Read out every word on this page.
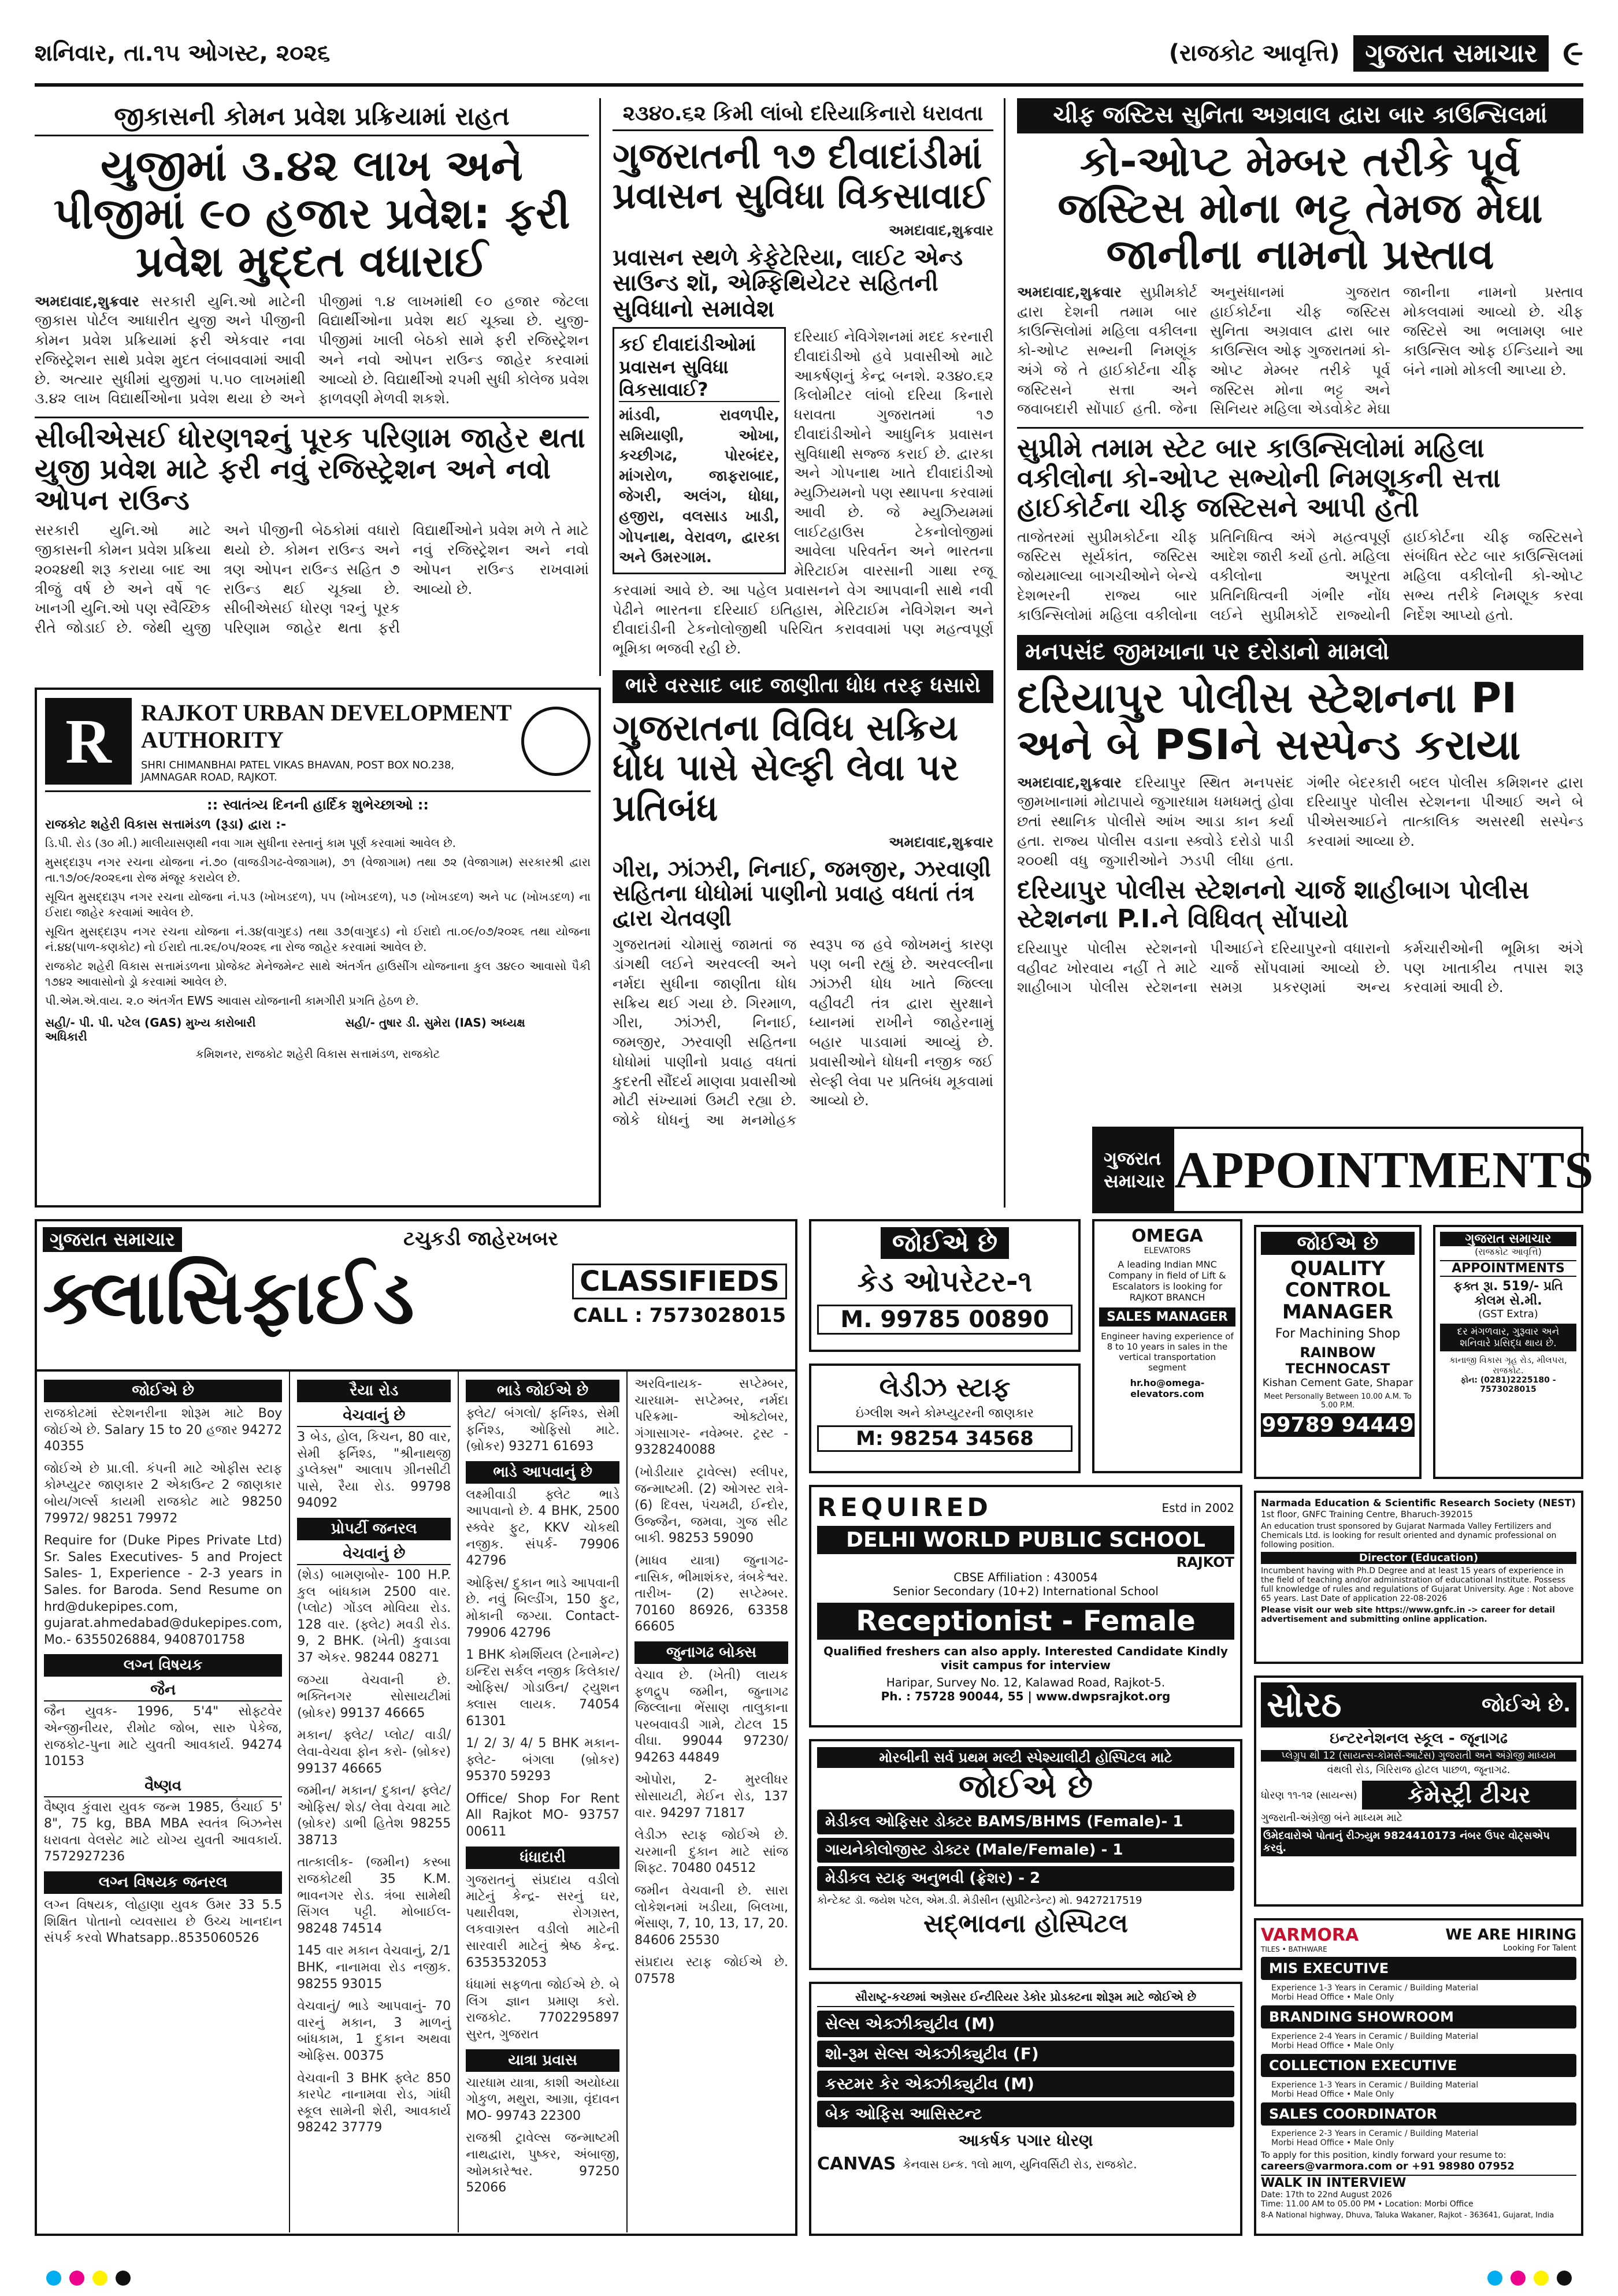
શનિવાર, તા.૧૫ ઓગસ્ટ, ૨૦૨૬	(રાજકોટ આવૃત્તિ)	ગુજરાત સમાચાર ૯
જીકાસની કોમન પ્રવેશ પ્રક્રિયામાં રાહત
યુજીમાં ૩.૪૨ લાખ અને પીજીમાં ૯૦ હજાર પ્રવેશ: ફરી પ્રવેશ મુદ્દત વધારાઈ
અમદાવાદ,શુક્રવાર સરકારી યુનિ.ઓ માટેની જીકાસ પોર્ટલ આધારીત યુજી અને પીજીની કોમન પ્રવેશ પ્રક્રિયામાં ફરી એકવાર નવા રજિસ્ટ્રેશન સાથે પ્રવેશ મુદત લંબાવવામાં આવી છે. અત્યાર સુધીમાં યુજીમાં ૫.૫૦ લાખમાંથી ૩.૪૨ લાખ વિદ્યાર્થીઓના પ્રવેશ થયા છે અને પીજીમાં ૧.૪ લાખમાંથી ૯૦ હજાર જેટલા વિદ્યાર્થીઓના પ્રવેશ થઈ ચૂક્યા છે. યુજી-પીજીમાં ખાલી બેઠકો સામે ફરી રજિસ્ટ્રેશન અને નવો ઓપન રાઉન્ડ જાહેર કરવામાં આવ્યો છે. વિદ્યાર્થીઓ ૨૫મી સુધી કોલેજ પ્રવેશ ફાળવણી મેળવી શકશે.
સીબીએસઈ ધોરણ૧૨નું પૂરક પરિણામ જાહેર થતા યુજી પ્રવેશ માટે ફરી નવું રજિસ્ટ્રેશન અને નવો ઓપન રાઉન્ડ
સરકારી યુનિ.ઓ માટે જીકાસની કોમન પ્રવેશ પ્રક્રિયા ૨૦૨૪થી શરૂ કરાયા બાદ આ ત્રીજું વર્ષ છે અને વર્ષે ૧૯ ખાનગી યુનિ.ઓ પણ સ્વૈચ્છિક રીતે જોડાઈ છે. જેથી યુજી અને પીજીની બેઠકોમાં વધારો થયો છે. કોમન રાઉન્ડ અને ત્રણ ઓપન રાઉન્ડ સહિત ૭ રાઉન્ડ થઈ ચૂક્યા છે. સીબીએસઈ ધોરણ ૧૨નું પૂરક પરિણામ જાહેર થતા ફરી વિદ્યાર્થીઓને પ્રવેશ મળે તે માટે નવું રજિસ્ટ્રેશન અને નવો ઓપન રાઉન્ડ રાખવામાં આવ્યો છે.
૨૩૪૦.૬૨ કિમી લાંબો દરિયાકિનારો ધરાવતા
ગુજરાતની ૧૭ દીવાદાંડીમાં પ્રવાસન સુવિધા વિકસાવાઈ
અમદાવાદ,શુક્રવાર
પ્રવાસન સ્થળે કેફેટેરિયા, લાઈટ એન્ડ સાઉન્ડ શૉ, એમ્ફિથિયેટર સહિતની સુવિધાનો સમાવેશ
કઈ દીવાદાંડીઓમાં પ્રવાસન સુવિધા વિકસાવાઈ?
માંડવી, રાવળપીર, સમિયાણી, ઓખા, કચ્છીગઢ, પોરબંદર, માંગરોળ, જાફરાબાદ, જેગરી, અલંગ, ધોધા, હજીરા, વલસાડ ખાડી, ગોપનાથ, વેરાવળ, દ્વારકા અને ઉમરગામ.
દરિયાઈ નેવિગેશનમાં મદદ કરનારી દીવાદાંડીઓ હવે પ્રવાસીઓ માટે આકર્ષણનું કેન્દ્ર બનશે. ૨૩૪૦.૬૨ કિલોમીટર લાંબો દરિયા કિનારો ધરાવતા ગુજરાતમાં ૧૭ દીવાદાંડીઓને આધુનિક પ્રવાસન સુવિધાથી સજ્જ કરાઈ છે. દ્વારકા અને ગોપનાથ ખાતે દીવાદાંડીઓ મ્યુઝિયમનો પણ સ્થાપના કરવામાં આવી છે. જે મ્યુઝિયમમાં લાઈટહાઉસ ટેકનોલોજીમાં આવેલા પરિવર્તન અને ભારતના મેરિટાઈમ વારસાની ગાથા રજૂ કરવામાં આવે છે. આ પહેલ પ્રવાસનને વેગ આપવાની સાથે નવી પેઢીને ભારતના દરિયાઈ ઇતિહાસ, મેરિટાઈમ નેવિગેશન અને દીવાદાંડીની ટેકનોલોજીથી પરિચિત કરાવવામાં પણ મહત્વપૂર્ણ ભૂમિકા ભજવી રહી છે.
ભારે વરસાદ બાદ જાણીતા ધોધ તરફ ધસારો
ગુજરાતના વિવિધ સક્રિય ધોધ પાસે સેલ્ફી લેવા પર પ્રતિબંધ
અમદાવાદ,શુક્રવાર
ગીરા, ઝાંઝરી, નિનાઈ, જમજીર, ઝરવાણી સહિતના ધોધોમાં પાણીનો પ્રવાહ વધતાં તંત્ર દ્વારા ચેતવણી
ગુજરાતમાં ચોમાસું જામતાં જ ડાંગથી લઈને અરવલ્લી અને નર્મદા સુધીના જાણીતા ધોધ સક્રિય થઈ ગયા છે. ગિરમાળ, ગીરા, ઝાંઝરી, નિનાઈ, જમજીર, ઝરવાણી સહિતના ધોધોમાં પાણીનો પ્રવાહ વધતાં કુદરતી સૌંદર્ય માણવા પ્રવાસીઓ મોટી સંખ્યામાં ઉમટી રહ્યા છે. જોકે ધોધનું આ મનમોહક સ્વરૂપ જ હવે જોખમનું કારણ પણ બની રહ્યું છે. અરવલ્લીના ઝાંઝરી ધોધ ખાતે જિલ્લા વહીવટી તંત્ર દ્વારા સુરક્ષાને ધ્યાનમાં રાખીને જાહેરનામું બહાર પાડવામાં આવ્યું છે. પ્રવાસીઓને ધોધની નજીક જઈ સેલ્ફી લેવા પર પ્રતિબંધ મૂકવામાં આવ્યો છે.
ચીફ જસ્ટિસ સુનિતા અગ્રવાલ દ્વારા બાર કાઉન્સિલમાં
કો-ઓપ્ટ મેમ્બર તરીકે પૂર્વ જસ્ટિસ મોના ભટ્ટ તેમજ મેઘા જાનીના નામનો પ્રસ્તાવ
અમદાવાદ,શુક્રવાર સુપ્રીમકોર્ટ દ્વારા દેશની તમામ બાર કાઉન્સિલોમાં મહિલા વકીલના કો-ઓપ્ટ સભ્યની નિમણૂંક અંગે જે તે હાઈકોર્ટના ચીફ જસ્ટિસને સત્તા અને જવાબદારી સોંપાઈ હતી. જેના અનુસંધાનમાં ગુજરાત હાઈકોર્ટના ચીફ જસ્ટિસ સુનિતા અગ્રવાલ દ્વારા બાર કાઉન્સિલ ઓફ ગુજરાતમાં કો-ઓપ્ટ મેમ્બર તરીકે પૂર્વ જસ્ટિસ મોના ભટ્ટ અને સિનિયર મહિલા એડવોકેટ મેઘા જાનીના નામનો પ્રસ્તાવ મોકલવામાં આવ્યો છે. ચીફ જસ્ટિસે આ ભલામણ બાર કાઉન્સિલ ઓફ ઈન્ડિયાને આ બંને નામો મોકલી આપ્યા છે.
સુપ્રીમે તમામ સ્ટેટ બાર કાઉન્સિલોમાં મહિલા વકીલોના કો-ઓપ્ટ સભ્યોની નિમણૂકની સત્તા હાઈકોર્ટના ચીફ જસ્ટિસને આપી હતી
તાજેતરમાં સુપ્રીમકોર્ટના ચીફ જસ્ટિસ સૂર્યકાંત, જસ્ટિસ જોયમાલ્યા બાગચીઓને બેન્ચે દેશભરની રાજ્ય બાર કાઉન્સિલોમાં મહિલા વકીલોના પ્રતિનિધિત્વ અંગે મહત્વપૂર્ણ આદેશ જારી કર્યો હતો. મહિલા વકીલોના અપૂરતા પ્રતિનિધિત્વની ગંભીર નોંધ લઈને સુપ્રીમકોર્ટે રાજ્યોની હાઈકોર્ટના ચીફ જસ્ટિસને સંબંધિત સ્ટેટ બાર કાઉન્સિલમાં મહિલા વકીલોની કો-ઓપ્ટ સભ્ય તરીકે નિમણૂક કરવા નિર્દેશ આપ્યો હતો.
મનપસંદ જીમખાના પર દરોડાનો મામલો
દરિયાપુર પોલીસ સ્ટેશનના PI અને બે PSIને સસ્પેન્ડ કરાયા
અમદાવાદ,શુક્રવાર દરિયાપુર સ્થિત મનપસંદ જીમખાનામાં મોટાપાયે જુગારધામ ધમધમતું હોવા છતાં સ્થાનિક પોલીસે આંખ આડા કાન કર્યા હતા. રાજ્ય પોલીસ વડાના સ્ક્વોડે દરોડો પાડી ૨૦૦થી વધુ જુગારીઓને ઝડપી લીધા હતા. ગંભીર બેદરકારી બદલ પોલીસ કમિશનર દ્વારા દરિયાપુર પોલીસ સ્ટેશનના પીઆઈ અને બે પીએસઆઈને તાત્કાલિક અસરથી સસ્પેન્ડ કરવામાં આવ્યા છે.
દરિયાપુર પોલીસ સ્ટેશનનો ચાર્જ શાહીબાગ પોલીસ સ્ટેશનના P.I.ને વિધિવત્ સોંપાયો
દરિયાપુર પોલીસ સ્ટેશનનો વહીવટ ખોરવાય નહીં તે માટે શાહીબાગ પોલીસ સ્ટેશનના પીઆઈને દરિયાપુરનો વધારાનો ચાર્જ સોંપવામાં આવ્યો છે. સમગ્ર પ્રકરણમાં અન્ય કર્મચારીઓની ભૂમિકા અંગે પણ ખાતાકીય તપાસ શરૂ કરવામાં આવી છે.
R	RAJKOT URBAN DEVELOPMENT AUTHORITY
SHRI CHIMANBHAI PATEL VIKAS BHAVAN, POST BOX NO.238, JAMNAGAR ROAD, RAJKOT.
:: સ્વાતંત્ર્ય દિનની હાર્દિક શુભેચ્છાઓ ::
રાજકોટ શહેરી વિકાસ સત્તામંડળ (રૂડા) દ્વારા :-
ડિ.પી. રોડ (૩૦ મી.) માલીયાસણથી નવા ગામ સુધીના રસ્તાનું કામ પૂર્ણ કરવામાં આવેલ છે.
મુસદ્દારૂપ નગર રચના યોજના નં.૭૦ (વાજડીગઢ-વેજાગામ), ૭૧ (વેજાગામ) તથા ૭૨ (વેજાગામ) સરકારશ્રી દ્વારા તા.૧૭/૦૯/૨૦૨૬ના રોજ મંજૂર કરાયેલ છે.
સૂચિત મુસદ્દારૂપ નગર રચના યોજના નં.૫૩ (ખોખડદળ), ૫૫ (ખોખડદળ), ૫૭ (ખોખડદળ) અને ૫૮ (ખોખડદળ) ના ઈરાદા જાહેર કરવામાં આવેલ છે.
સૂચિત મુસદ્દારૂપ નગર રચના યોજના નં.૩૪(વાગુદડ) તથા ૩૭(વાગુદડ) નો ઈરાદો તા.૦૯/૦૭/૨૦૨૬ તથા યોજના નં.૪૪(પાળ-કણકોટ) નો ઈરાદો તા.૨૬/૦૫/૨૦૨૬ ના રોજ જાહેર કરવામાં આવેલ છે.
રાજકોટ શહેરી વિકાસ સત્તામંડળના પ્રોજેક્ટ મેનેજમેન્ટ સાથે અંતર્ગત હાઉસીંગ યોજનાના કુલ ૩૪૯૦ આવાસો પૈકી ૧૭૪૨ આવાસોનો ડ્રો કરવામાં આવેલ છે.
પી.એમ.એ.વાય. ૨.૦ અંતર્ગત EWS આવાસ યોજનાની કામગીરી પ્રગતિ હેઠળ છે.
સહી/- પી. પી. પટેલ (GAS) મુખ્ય કારોબારી અધિકારી
સહી/- તુષાર ડી. સુમેરા (IAS) અધ્યક્ષ
કમિશનર, રાજકોટ શહેરી વિકાસ સત્તામંડળ, રાજકોટ
ગુજરાત સમાચાર	ટચુકડી જાહેરખબર
ક્લાસિફાઈડ	CLASSIFIEDS
CALL : 7573028015
જોઈએ છે
રાજકોટમાં સ્ટેશનરીના શોરૂમ માટે Boy જોઈએ છે. Salary 15 to 20 હજાર 94272 40355
જોઈએ છે પ્રા.લી. કંપની માટે ઓફીસ સ્ટાફ કોમ્પ્યુટર જાણકાર 2 એકાઉન્ટ 2 જાણકાર બોય/ગર્લ્સ કાયમી રાજકોટ માટે 98250 79972/ 98251 79972
Require for (Duke Pipes Private Ltd) Sr. Sales Executives- 5 and Project Sales- 1, Experience - 2-3 years in Sales. for Baroda. Send Resume on hrd@dukepipes.com, gujarat.ahmedabad@dukepipes.com, Mo.- 6355026884, 9408701758
લગ્ન વિષયક
જૈન
જૈન યુવક- 1996, 5'4" સોફ્ટવેર એન્જીનીયર, રીમોટ જોબ, સારુ પેકેજ, રાજકોટ-પુના માટે યુવતી આવકાર્ય. 94274 10153
વૈષ્ણવ
વૈષ્ણવ કુંવારા યુવક જન્મ 1985, ઉંચાઈ 5' 8", 75 kg, BBA MBA સ્વતંત્ર બિઝનેસ ધરાવતા વેલસેટ માટે યોગ્ય યુવતી આવકાર્ય. 7572927236
લગ્ન વિષયક જનરલ
લગ્ન વિષયક, લોહાણા યુવક ઉમર 33 5.5 શિક્ષિત પોતાનો વ્યવસાય છે ઉચ્ચ ખાનદાન સંપર્ક કરવો Whatsapp..8535060526
રૈયા રોડ
વેચવાનું છે
3 બેડ, હોલ, કિચન, 80 વાર, સેમી ફર્નિશ્ડ, "શ્રીનાથજી ડુપ્લેક્સ" આલાપ ગ્રીનસીટી પાસે, રૈયા રોડ. 99798 94092
પ્રોપર્ટી જનરલ
વેચવાનું છે
(શેડ) બામણબોર- 100 H.P. કુલ બાંધકામ 2500 વાર. (પ્લોટ) ગોંડલ મોવિયા રોડ. 128 વાર. (ફ્લેટ) મવડી રોડ. 9, 2 BHK. (ખેતી) કુવાડવા 37 એકર. 98244 08271
જગ્યા વેચવાની છે. ભક્તિનગર સોસાયટીમાં (બ્રોકર) 99137 46665
મકાન/ ફ્લેટ/ પ્લોટ/ વાડી/ લેવા-વેચવા ફોન કરો- (બ્રોકર) 99137 46665
જમીન/ મકાન/ દુકાન/ ફ્લેટ/ ઓફિસ/ શેડ/ લેવા વેચવા માટે (બ્રોકર) ડાભી હિતેશ 98255 38713
તાત્કાલીક- (જમીન) કસ્બા રાજકોટથી 35 K.M. ભાવનગર રોડ. ત્રંબા સામેથી સિંગલ પટ્ટી. મોબાઈલ- 98248 74514
145 વાર મકાન વેચવાનું, 2/1 BHK, નાનામવા રોડ નજીક. 98255 93015
વેચવાનું/ ભાડે આપવાનું- 70 વારનું મકાન, 3 માળનું બાંધકામ, 1 દુકાન અથવા ઓફિસ. 00375
વેચવાની 3 BHK ફ્લેટ 850 કારપેટ નાનામવા રોડ, ગાંધી સ્કૂલ સામેની શેરી, આવકાર્ય 98242 37779
ભાડે જોઈએ છે
ફ્લેટ/ બંગલો/ ફર્નિશ્ડ, સેમી ફર્નિશ્ડ, ઓફિસો માટે. (બ્રોકર) 93271 61693
ભાડે આપવાનું છે
લક્ષ્મીવાડી ફ્લેટ ભાડે આપવાનો છે. 4 BHK, 2500 સ્ક્વેર ફુટ, KKV ચોકથી નજીક. સંપર્ક- 79906 42796
ઓફિસ/ દુકાન ભાડે આપવાની છે. નવું બિલ્ડીંગ, 150 ફુટ, મોકાની જગ્યા. Contact- 79906 42796
1 BHK કોમર્શિયલ (ટેનામેન્ટ) ઇન્દિરા સર્કલ નજીક કિલેકાર/ ઓફિસ/ ગોડાઉન/ ટ્યુશન ક્લાસ લાયક. 74054 61301
1/ 2/ 3/ 4/ 5 BHK મકાન-ફ્લેટ- બંગલા (બ્રોકર) 95370 59293
Office/ Shop For Rent All Rajkot MO- 93757 00611
ધંધાદારી
ગુજરાતનું સંપ્રદાય વડીલો માટેનું કેન્દ્ર- સરનું ઘર, પથારીવશ, રોગગ્રસ્ત, લકવાગ્રસ્ત વડીલો માટેની સારવારી માટેનું શ્રેષ્ઠ કેન્દ્ર. 6353532053
ધંધામાં સફળતા જોઈએ છે. બે લિંગ જ્ઞાન પ્રમાણ કરો. રાજકોટ. 7702295897 સુરત, ગુજરાત
યાત્રા પ્રવાસ
ચારધામ યાત્રા, કાશી અયોધ્યા ગોકુળ, મથુરા, આગ્રા, વૃંદાવન MO- 99743 22300
રાજશ્રી ટ્રાવેલ્સ જન્માષ્ટમી નાથદ્વારા, પુષ્કર, અંબાજી, ઓમકારેશ્વર. 97250 52066
અરવિનાયક- સપ્ટેમ્બર, ચારધામ- સપ્ટેમ્બર, નર્મદા પરિક્રમા- ઓક્ટોબર, ગંગાસાગર- નવેમ્બર. ટ્રસ્ટ - 9328240088
(ખોડીયાર ટ્રાવેલ્સ) સ્લીપર, જન્માષ્ટમી. (2) ઓગસ્ટ રાત્રે- (6) દિવસ, પંચમઢી, ઈન્દોર, ઉજ્જૈન, જમવા, ગુજ સીટ બાકી. 98253 59090
(માધવ યાત્રા) જુનાગઢ- નાસિક, ભીમાશંકર, ત્રંબકેશ્વર. તારીખ- (2) સપ્ટેમ્બર. 70160 86926, 63358 66605
જુનાગઢ બોક્સ
વેચાવ છે. (ખેતી) લાયક ફળદ્રુપ જમીન, જુનાગઢ જિલ્લાના ભેંસાણ તાલુકાના પરબવાવડી ગામે, ટોટલ 15 વીઘા. 99044 97230/ 94263 44849
ઓપોરા, 2- મુરલીધર સોસાયટી, મેઈન રોડ, 137 વાર. 94297 71817
લેડીઝ સ્ટાફ જોઈએ છે. ચરમાની દુકાન માટે સાંજ શિફ્ટ. 70480 04512
જમીન વેચવાની છે. સારા લોકેશનમાં ખડીયા, બિલખા, ભેંસાણ, 7, 10, 13, 17, 20. 84606 25530
સંપ્રદાય સ્ટાફ જોઈએ છે. 07578
જોઈએ છે
કેડ ઓપરેટર-૧
M. 99785 00890
OMEGA
ELEVATORS
A leading Indian MNC Company in field of Lift & Escalators is looking for RAJKOT BRANCH
SALES MANAGER
Engineer having experience of 8 to 10 years in sales in the vertical transportation segment
hr.ho@omega-elevators.com
લેડીઝ સ્ટાફ
ઇંગ્લીશ અને કોમ્પ્યુટરની જાણકાર
M: 98254 34568
REQUIRED	Estd in 2002
DELHI WORLD PUBLIC SCHOOL
RAJKOT
CBSE Affiliation : 430054
Senior Secondary (10+2) International School
Receptionist - Female
Qualified freshers can also apply. Interested Candidate Kindly visit campus for interview
Haripar, Survey No. 12, Kalawad Road, Rajkot-5.
Ph. : 75728 90044, 55 | www.dwpsrajkot.org
મોરબીની સર્વ પ્રથમ મલ્ટી સ્પેશ્યાલીટી હોસ્પિટલ માટે
જોઈએ છે
મેડીકલ ઓફિસર ડોક્ટર BAMS/BHMS (Female)- 1
ગાયનેકોલોજીસ્ટ ડોક્ટર (Male/Female) - 1
મેડીકલ સ્ટાફ અનુભવી (ફ્રેશર) - 2
કોન્ટેક્ટ ડૉ. જયેશ પટેલ, એમ.ડી. મેડીસીન (સુપ્રીટેન્ડેન્ટ) મો. 9427217519
સદ્ભાવના હોસ્પિટલ
સૌરાષ્ટ્ર-કચ્છમાં અગ્રેસર ઈન્ટીરિયર ડેકોર પ્રોડક્ટના શોરૂમ માટે જોઈએ છે
સેલ્સ એક્ઝીક્યુટીવ (M)
શો-રૂમ સેલ્સ એક્ઝીક્યુટીવ (F)
કસ્ટમર કેર એક્ઝીક્યુટીવ (M)
બેક ઓફિસ આસિસ્ટન્ટ
આકર્ષક પગાર ધોરણ
CANVAS કેનવાસ ઇન્ક. ૧લો માળ, યુનિવર્સિટી રોડ, રાજકોટ.
ગુજરાત સમાચાર APPOINTMENTS
જોઈએ છે
QUALITY CONTROL MANAGER
For Machining Shop
RAINBOW TECHNOCAST
Kishan Cement Gate, Shapar
Meet Personally Between 10.00 A.M. To 5.00 P.M.
99789 94449
ગુજરાત સમાચાર
(રાજકોટ આવૃત્તિ)
APPOINTMENTS
ફક્ત રૂા. 519/- પ્રતિ કોલમ સે.મી.
(GST Extra)
દર મંગળવાર, ગુરૂવાર અને શનિવારે પ્રસિદ્ધ થાય છે.
કાનાજી વિકાસ ગૃહ રોડ, મીલપરા, રાજકોટ.
ફોન: (0281)2225180 - 7573028015
Narmada Education & Scientific Research Society (NEST)
1st floor, GNFC Training Centre, Bharuch-392015
An education trust sponsored by Gujarat Narmada Valley Fertilizers and Chemicals Ltd. is looking for result oriented and dynamic professional on following position.
Director (Education)
Incumbent having with Ph.D Degree and at least 15 years of experience in the field of teaching and/or administration of educational Institute. Possess full knowledge of rules and regulations of Gujarat University. Age : Not above 65 years. Last Date of application 22-08-2026
Please visit our web site https://www.gnfc.in -> career for detail advertisement and submitting online application.
સોરઠ	જોઈએ છે.
ઇન્ટરનેશનલ સ્કૂલ - જૂનાગઢ
પ્લેગ્રુપ થી 12 (સાયન્સ-કોમર્સ-આર્ટસ) ગુજરાતી અને અંગ્રેજી માધ્યમ
વંથલી રોડ, ગિરિરાજ હોટલ પાછળ, જૂનાગઢ.
ધોરણ ૧૧-૧૨ (સાયન્સ)	કેમેસ્ટ્રી ટીચર
ગુજરાતી-અંગ્રેજી બંને માધ્યમ માટે
ઉમેદવારોએ પોતાનું રીઝ્યુમ 9824410173 નંબર ઉપર વોટ્સએપ કરવું.
VARMORA
TILES • BATHWARE
WE ARE HIRING
Looking For Talent
MIS EXECUTIVE
Experience 1-3 Years in Ceramic / Building Material
Morbi Head Office • Male Only
BRANDING SHOWROOM
Experience 2-4 Years in Ceramic / Building Material
Morbi Head Office • Male Only
COLLECTION EXECUTIVE
Experience 1-3 Years in Ceramic / Building Material
Morbi Head Office • Male Only
SALES COORDINATOR
Experience 2-3 Years in Ceramic / Building Material
Morbi Head Office • Male Only
To apply for this position, kindly forward your resume to:
careers@varmora.com or +91 98980 07952
WALK IN INTERVIEW
Date: 17th to 22nd August 2026
Time: 11.00 AM to 05.00 PM • Location: Morbi Office
8-A National highway, Dhuva, Taluka Wakaner, Rajkot - 363641, Gujarat, India
